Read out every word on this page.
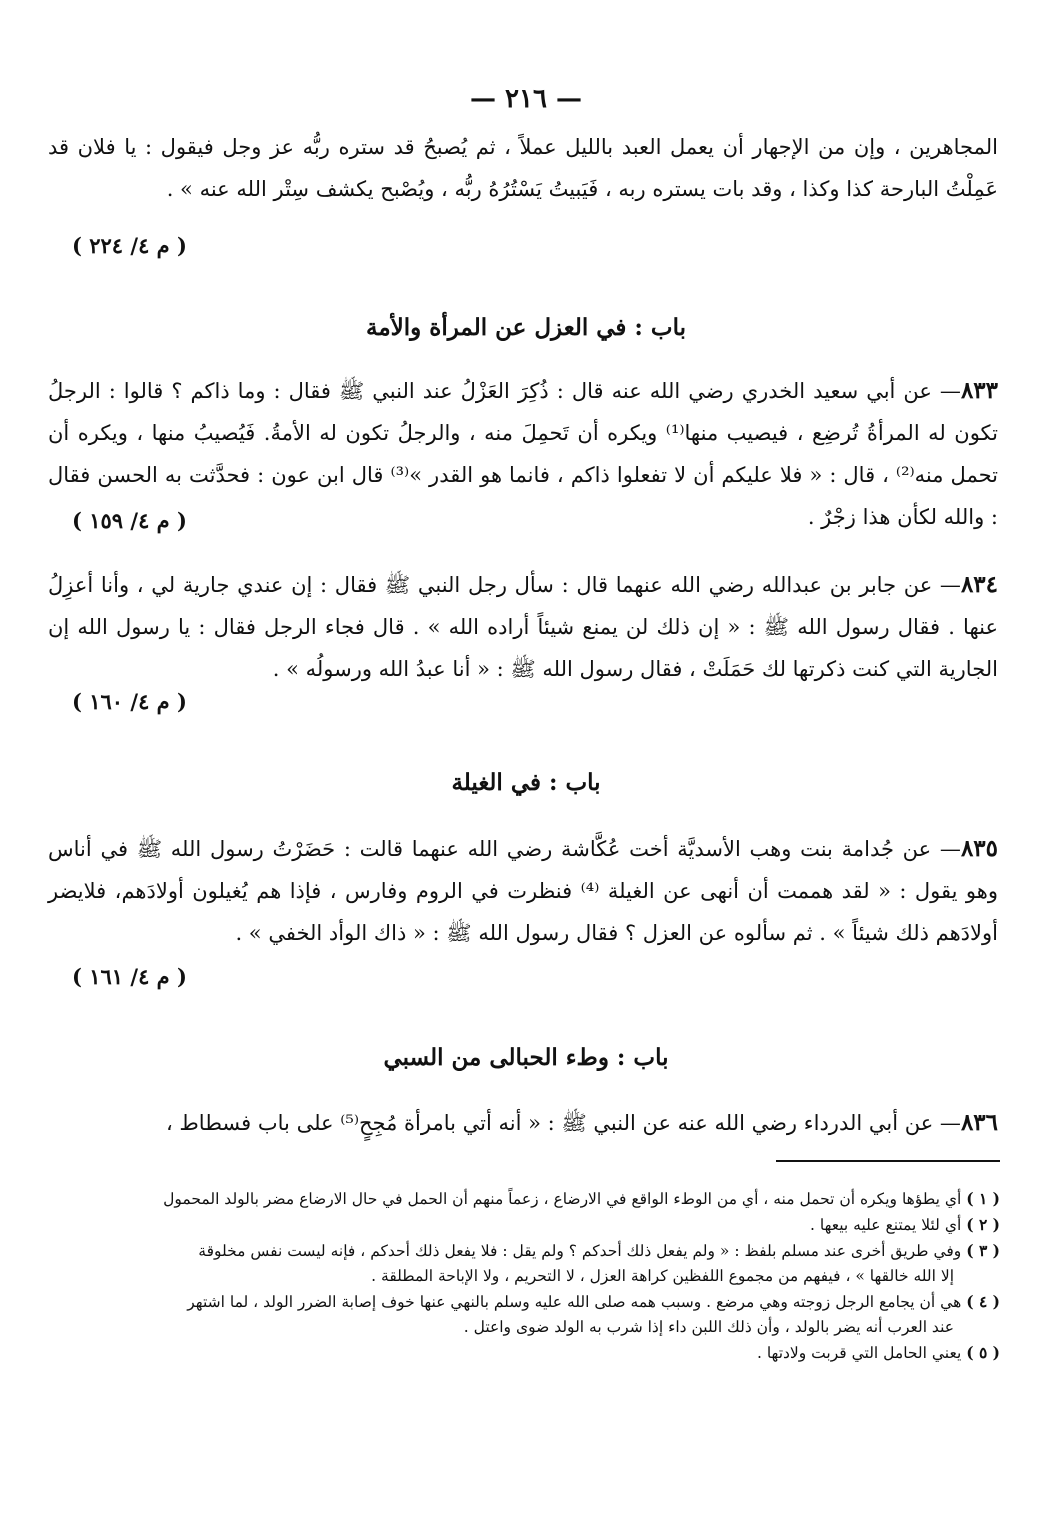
— ٢١٦ —

المجاهرين ، وإن من الإجهار أن يعمل العبد بالليل عملاً ، ثم يُصبحُ قد ستره ربُّه عز وجل فيقول : يا فلان قد عَمِلْتُ البارحة كذا وكذا ، وقد بات يستره ربه ، فَيَبيتُ يَسْتُرُهُ ربُّه ، ويُصْبح يكشف سِتْر الله عنه » .

( م ٤/ ٢٢٤ )
باب : في العزل عن المرأة والأمة

٨٣٣— عن أبي سعيد الخدري رضي الله عنه قال : ذُكِرَ العَزْلُ عند النبي ﷺ فقال : وما ذاكم ؟ قالوا : الرجلُ تكون له المرأةُ تُرضِع ، فيصيب منها⁽¹⁾ ويكره أن تَحمِلَ منه ، والرجلُ تكون له الأمةُ. فَيُصيبُ منها ، ويكره أن تحمل منه⁽²⁾ ، قال : « فلا عليكم أن لا تفعلوا ذاكم ، فانما هو القدر »⁽³⁾ قال ابن عون : فحدَّثت به الحسن فقال : والله لكأن هذا زجْرٌ .

( م ٤/ ١٥٩ )

٨٣٤— عن جابر بن عبدالله رضي الله عنهما قال : سأل رجل النبي ﷺ فقال : إن عندي جارية لي ، وأنا أعزِلُ عنها . فقال رسول الله ﷺ : « إن ذلك لن يمنع شيئاً أراده الله » . قال فجاء الرجل فقال : يا رسول الله إن الجارية التي كنت ذكرتها لك حَمَلَتْ ، فقال رسول الله ﷺ : « أنا عبدُ الله ورسولُه » .

( م ٤/ ١٦٠ )
باب : في الغيلة

٨٣٥— عن جُدامة بنت وهب الأسديَّة أخت عُكَّاشة رضي الله عنهما قالت : حَضَرْتُ رسول الله ﷺ في أناس وهو يقول : « لقد هممت أن أنهى عن الغيلة ⁽⁴⁾ فنظرت في الروم وفارس ، فإذا هم يُغيلون أولادَهم، فلايضر أولادَهم ذلك شيئاً » . ثم سألوه عن العزل ؟ فقال رسول الله ﷺ : « ذاك الوأد الخفي » .

( م ٤/ ١٦١ )
باب : وطء الحبالى من السبي

٨٣٦— عن أبي الدرداء رضي الله عنه عن النبي ﷺ : « أنه أتي بامرأة مُجِحٍ⁽⁵⁾ على باب فسطاط ،

( ١ ) أي يطؤها ويكره أن تحمل منه ، أي من الوطء الواقع في الارضاع ، زعماً منهم أن الحمل في حال الارضاع مضر بالولد المحمول

( ٢ ) أي لئلا يمتنع عليه بيعها .

( ٣ ) وفي طريق أخرى عند مسلم بلفظ : « ولم يفعل ذلك أحدكم ؟ ولم يقل : فلا يفعل ذلك أحدكم ، فإنه ليست نفس مخلوقة

إلا الله خالقها » ، فيفهم من مجموع اللفظين كراهة العزل ، لا التحريم ، ولا الإباحة المطلقة .

( ٤ ) هي أن يجامع الرجل زوجته وهي مرضع . وسبب همه صلى الله عليه وسلم بالنهي عنها خوف إصابة الضرر الولد ، لما اشتهر

عند العرب أنه يضر بالولد ، وأن ذلك اللبن داء إذا شرب به الولد ضوى واعتل .

( ٥ ) يعني الحامل التي قربت ولادتها .
